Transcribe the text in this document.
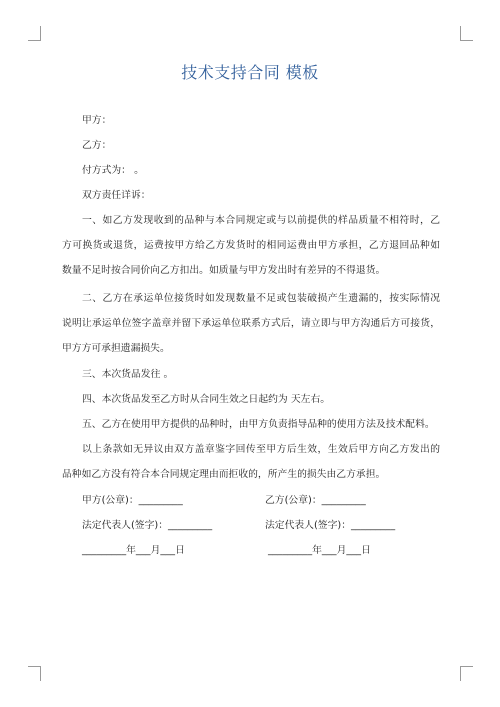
技术支持合同 模板
甲方：
乙方：
付方式为： 。
双方责任详诉：
一、如乙方发现收到的品种与本合同规定或与以前提供的样品质量不相符时，乙
方可换货或退货，运费按甲方给乙方发货时的相同运费由甲方承担，乙方退回品种如
数量不足时按合同价向乙方扣出。如质量与甲方发出时有差异的不得退货。
二、乙方在承运单位接货时如发现数量不足或包装破损产生遗漏的，按实际情况
说明让承运单位签字盖章并留下承运单位联系方式后，请立即与甲方沟通后方可接货，
甲方方可承担遗漏损失。
三、本次货品发往 。
四、本次货品发至乙方时从合同生效之日起约为 天左右。
五、乙方在使用甲方提供的品种时，由甲方负责指导品种的使用方法及技术配料。
以上条款如无异议由双方盖章鉴字回传至甲方后生效，生效后甲方向乙方发出的
品种如乙方没有符合本合同规定理由而拒收的，所产生的损失由乙方承担。
甲方(公章)：_________	乙方(公章)：_________
法定代表人(签字)：_________	法定代表人(签字)：_________
_________年___月___日	_________年___月___日
